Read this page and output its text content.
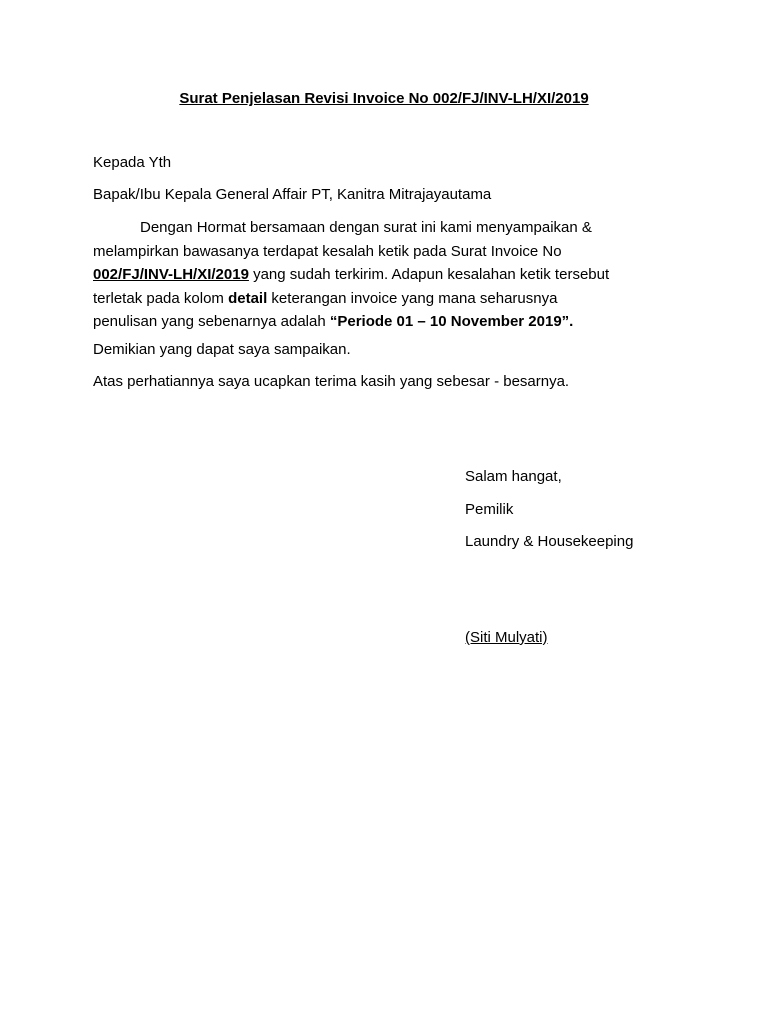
Surat Penjelasan Revisi Invoice No 002/FJ/INV-LH/XI/2019
Kepada Yth
Bapak/Ibu Kepala General Affair PT, Kanitra Mitrajayautama

Dengan Hormat bersamaan dengan surat ini kami menyampaikan &
melampirkan bawasanya terdapat kesalah ketik pada Surat Invoice No
002/FJ/INV-LH/XI/2019 yang sudah terkirim. Adapun kesalahan ketik tersebut
terletak pada kolom detail keterangan invoice yang mana seharusnya
penulisan yang sebenarnya adalah “Periode 01 – 10 November 2019”.

Demikian yang dapat saya sampaikan.
Atas perhatiannya saya ucapkan terima kasih yang sebesar - besarnya.
Salam hangat,
Pemilik
Laundry & Housekeeping
(Siti Mulyati)
